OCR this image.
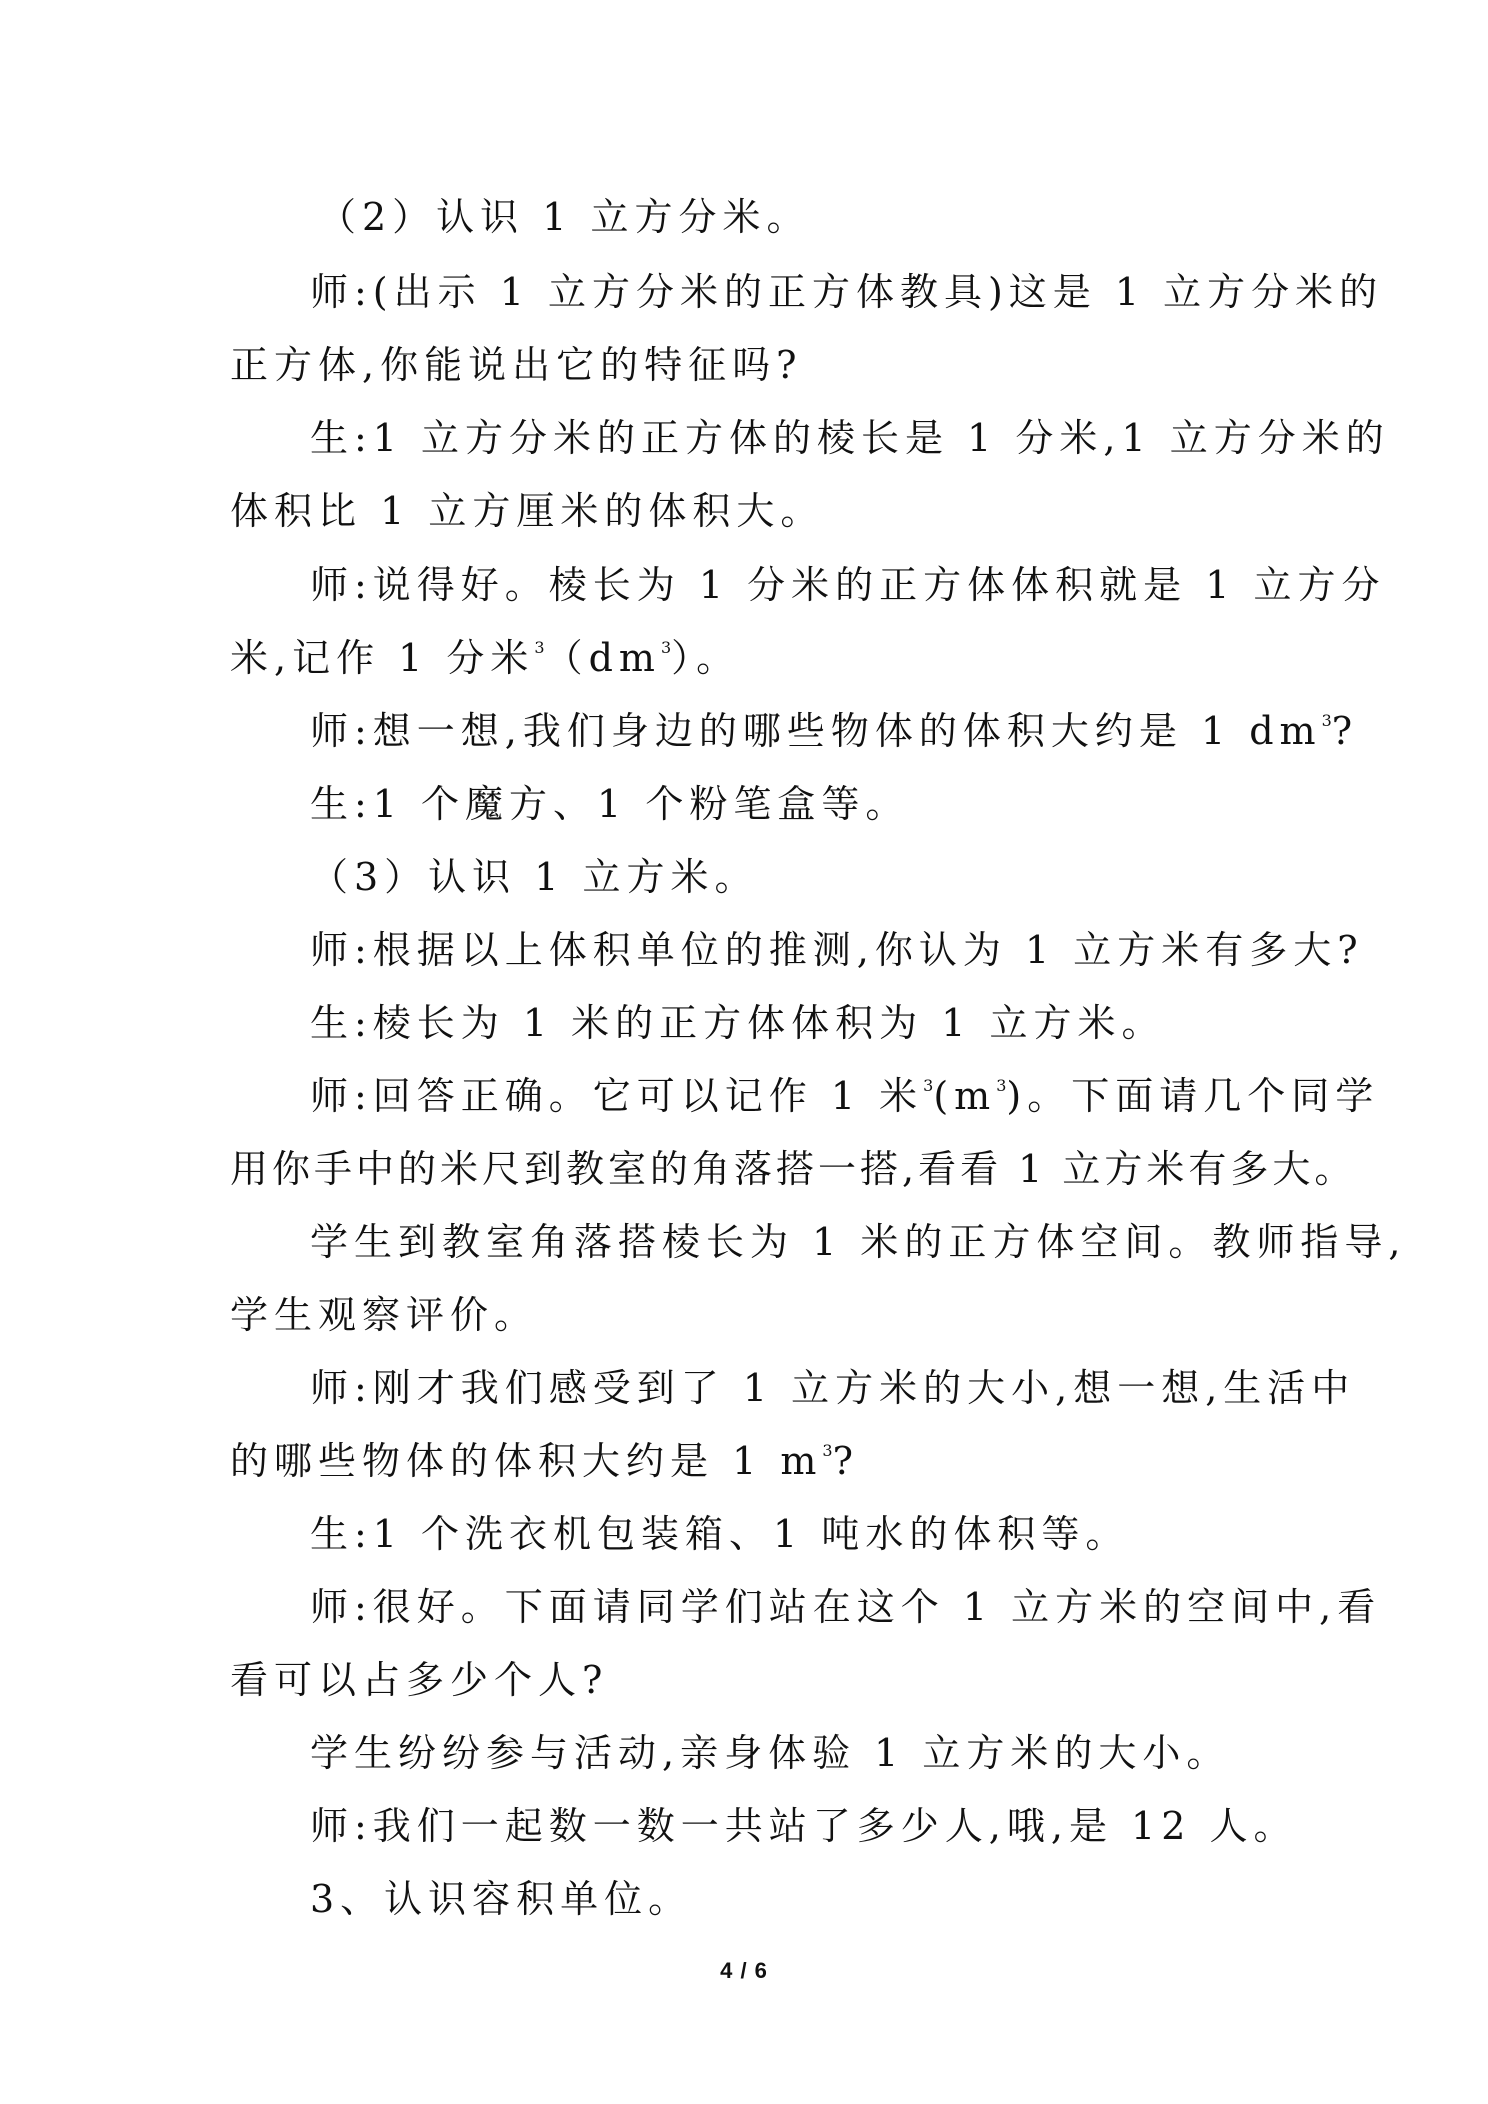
（2）认识 1 立方分米。
师:(出示 1 立方分米的正方体教具)这是 1 立方分米的
正方体,你能说出它的特征吗?
生:1 立方分米的正方体的棱长是 1 分米,1 立方分米的
体积比 1 立方厘米的体积大。
师:说得好。棱长为 1 分米的正方体体积就是 1 立方分
米,记作 1 分米$^3(dm^3)$。
师:想一想,我们身边的哪些物体的体积大约是 1 $dm^3$?
生:1 个魔方、1 个粉笔盒等。
（3）认识 1 立方米。
师:根据以上体积单位的推测,你认为 1 立方米有多大?
生:棱长为 1 米的正方体体积为 1 立方米。
师:回答正确。它可以记作 1 米$^3(m^3)$。下面请几个同学
用你手中的米尺到教室的角落搭一搭,看看 1 立方米有多大。
学生到教室角落搭棱长为 1 米的正方体空间。教师指导,
学生观察评价。
师:刚才我们感受到了 1 立方米的大小,想一想,生活中
的哪些物体的体积大约是 1 $m^3$?
生:1 个洗衣机包装箱、1 吨水的体积等。
师:很好。下面请同学们站在这个 1 立方米的空间中,看
看可以占多少个人?
学生纷纷参与活动,亲身体验 1 立方米的大小。
师:我们一起数一数一共站了多少人,哦,是 12 人。
3、认识容积单位。
4 / 6
